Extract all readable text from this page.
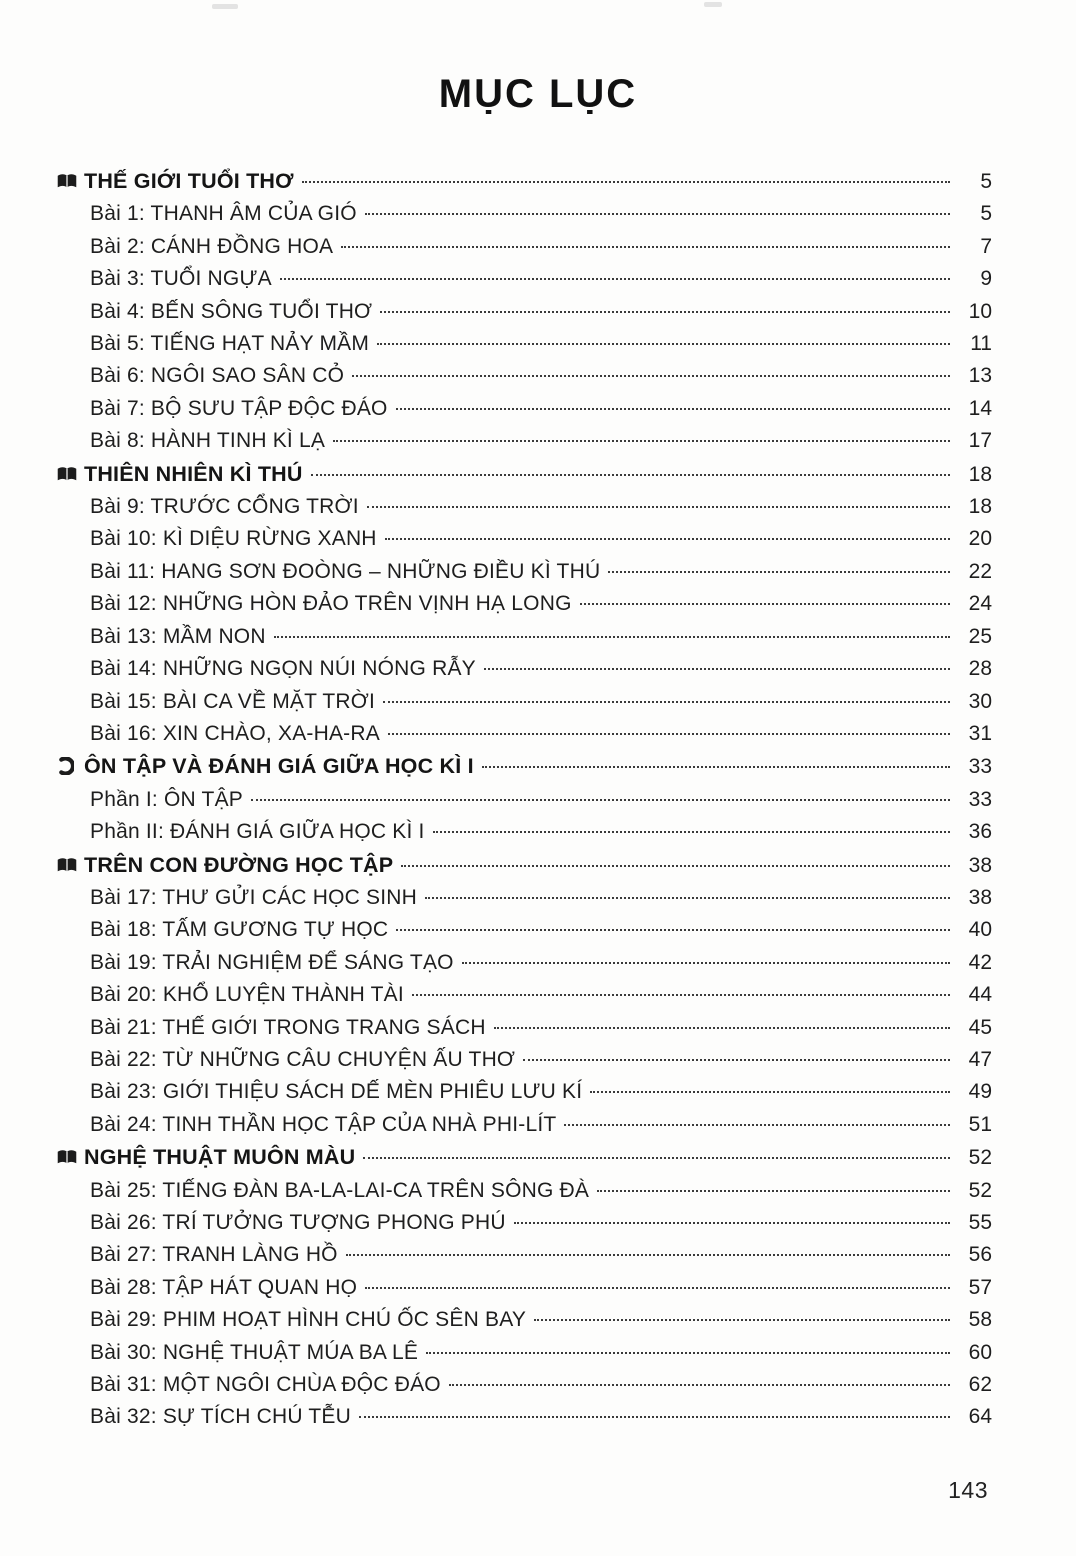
MỤC LỤC
THẾ GIỚI TUỔI THƠ	5
Bài 1: THANH ÂM CỦA GIÓ	5
Bài 2: CÁNH ĐỒNG HOA	7
Bài 3: TUỔI NGỰA	9
Bài 4: BẾN SÔNG TUỔI THƠ	10
Bài 5: TIẾNG HẠT NẢY MẦM	11
Bài 6: NGÔI SAO SÂN CỎ	13
Bài 7: BỘ SƯU TẬP ĐỘC ĐÁO	14
Bài 8: HÀNH TINH KÌ LẠ	17
THIÊN NHIÊN KÌ THÚ	18
Bài 9: TRƯỚC CỔNG TRỜI	18
Bài 10: KÌ DIỆU RỪNG XANH	20
Bài 11: HANG SƠN ĐOÒNG – NHỮNG ĐIỀU KÌ THÚ	22
Bài 12: NHỮNG HÒN ĐẢO TRÊN VỊNH HẠ LONG	24
Bài 13: MẦM NON	25
Bài 14: NHỮNG NGỌN NÚI NÓNG RẪY	28
Bài 15: BÀI CA VỀ MẶT TRỜI	30
Bài 16: XIN CHÀO, XA-HA-RA	31
ÔN TẬP VÀ ĐÁNH GIÁ GIỮA HỌC KÌ I	33
Phần I: ÔN TẬP	33
Phần II: ĐÁNH GIÁ GIỮA HỌC KÌ I	36
TRÊN CON ĐƯỜNG HỌC TẬP	38
Bài 17: THƯ GỬI CÁC HỌC SINH	38
Bài 18: TẤM GƯƠNG TỰ HỌC	40
Bài 19: TRẢI NGHIỆM ĐỂ SÁNG TẠO	42
Bài 20: KHỔ LUYỆN THÀNH TÀI	44
Bài 21: THẾ GIỚI TRONG TRANG SÁCH	45
Bài 22: TỪ NHỮNG CÂU CHUYỆN ẤU THƠ	47
Bài 23: GIỚI THIỆU SÁCH DẾ MÈN PHIÊU LƯU KÍ	49
Bài 24: TINH THẦN HỌC TẬP CỦA NHÀ PHI-LÍT	51
NGHỆ THUẬT MUÔN MÀU	52
Bài 25: TIẾNG ĐÀN BA-LA-LAI-CA TRÊN SÔNG ĐÀ	52
Bài 26: TRÍ TƯỞNG TƯỢNG PHONG PHÚ	55
Bài 27: TRANH LÀNG HỒ	56
Bài 28: TẬP HÁT QUAN HỌ	57
Bài 29: PHIM HOẠT HÌNH CHÚ ỐC SÊN BAY	58
Bài 30: NGHỆ THUẬT MÚA BA LÊ	60
Bài 31: MỘT NGÔI CHÙA ĐỘC ĐÁO	62
Bài 32: SỰ TÍCH CHÚ TỄU	64
143
